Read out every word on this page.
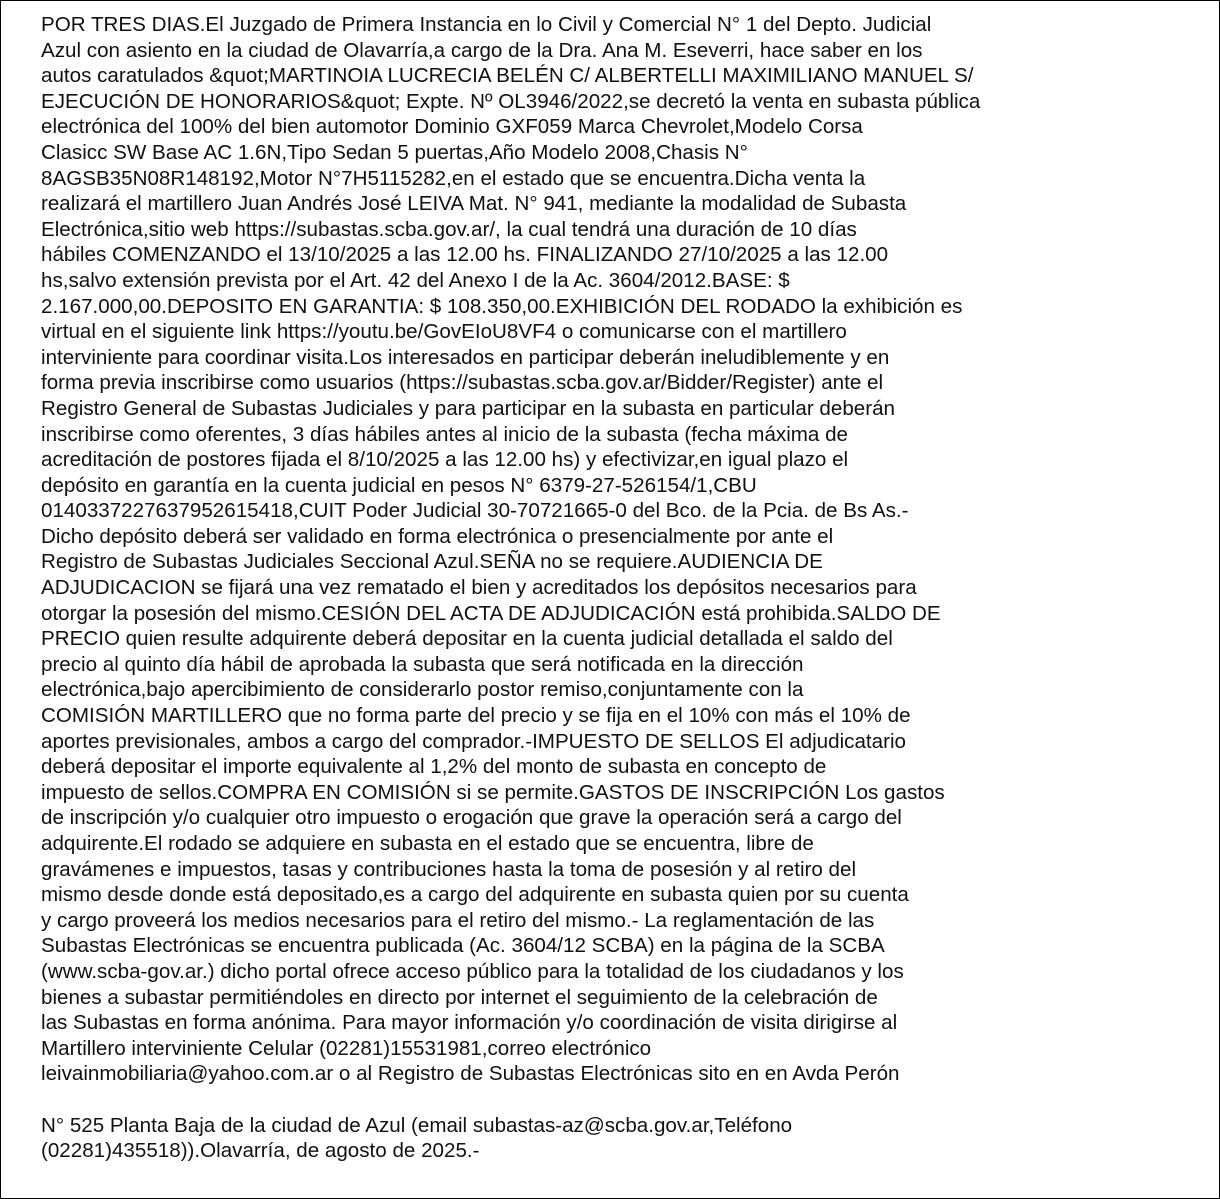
POR TRES DIAS.El Juzgado de Primera Instancia en lo Civil y Comercial N° 1 del Depto. Judicial
Azul con asiento en la ciudad de Olavarría,a cargo de la Dra. Ana M. Eseverri, hace saber en los
autos caratulados &quot;MARTINOIA LUCRECIA BELÉN C/ ALBERTELLI MAXIMILIANO MANUEL S/
EJECUCIÓN DE HONORARIOS&quot; Expte. Nº OL3946/2022,se decretó la venta en subasta pública
electrónica del 100% del bien automotor Dominio GXF059 Marca Chevrolet,Modelo Corsa
Clasicc SW Base AC 1.6N,Tipo Sedan 5 puertas,Año Modelo 2008,Chasis N°
8AGSB35N08R148192,Motor N°7H5115282,en el estado que se encuentra.Dicha venta la
realizará el martillero Juan Andrés José LEIVA Mat. N° 941, mediante la modalidad de Subasta
Electrónica,sitio web https://subastas.scba.gov.ar/, la cual tendrá una duración de 10 días
hábiles COMENZANDO el 13/10/2025 a las 12.00 hs. FINALIZANDO 27/10/2025 a las 12.00
hs,salvo extensión prevista por el Art. 42 del Anexo I de la Ac. 3604/2012.BASE: $
2.167.000,00.DEPOSITO EN GARANTIA: $ 108.350,00.EXHIBICIÓN DEL RODADO la exhibición es
virtual en el siguiente link https://youtu.be/GovEIoU8VF4 o comunicarse con el martillero
interviniente para coordinar visita.Los interesados en participar deberán ineludiblemente y en
forma previa inscribirse como usuarios (https://subastas.scba.gov.ar/Bidder/Register) ante el
Registro General de Subastas Judiciales y para participar en la subasta en particular deberán
inscribirse como oferentes, 3 días hábiles antes al inicio de la subasta (fecha máxima de
acreditación de postores fijada el 8/10/2025 a las 12.00 hs) y efectivizar,en igual plazo el
depósito en garantía en la cuenta judicial en pesos N° 6379-27-526154/1,CBU
0140337227637952615418,CUIT Poder Judicial 30-70721665-0 del Bco. de la Pcia. de Bs As.-
Dicho depósito deberá ser validado en forma electrónica o presencialmente por ante el
Registro de Subastas Judiciales Seccional Azul.SEÑA no se requiere.AUDIENCIA DE
ADJUDICACION se fijará una vez rematado el bien y acreditados los depósitos necesarios para
otorgar la posesión del mismo.CESIÓN DEL ACTA DE ADJUDICACIÓN está prohibida.SALDO DE
PRECIO quien resulte adquirente deberá depositar en la cuenta judicial detallada el saldo del
precio al quinto día hábil de aprobada la subasta que será notificada en la dirección
electrónica,bajo apercibimiento de considerarlo postor remiso,conjuntamente con la
COMISIÓN MARTILLERO que no forma parte del precio y se fija en el 10% con más el 10% de
aportes previsionales, ambos a cargo del comprador.-IMPUESTO DE SELLOS El adjudicatario
deberá depositar el importe equivalente al 1,2% del monto de subasta en concepto de
impuesto de sellos.COMPRA EN COMISIÓN si se permite.GASTOS DE INSCRIPCIÓN Los gastos
de inscripción y/o cualquier otro impuesto o erogación que grave la operación será a cargo del
adquirente.El rodado se adquiere en subasta en el estado que se encuentra, libre de
gravámenes e impuestos, tasas y contribuciones hasta la toma de posesión y al retiro del
mismo desde donde está depositado,es a cargo del adquirente en subasta quien por su cuenta
y cargo proveerá los medios necesarios para el retiro del mismo.- La reglamentación de las
Subastas Electrónicas se encuentra publicada (Ac. 3604/12 SCBA) en la página de la SCBA
(www.scba-gov.ar.) dicho portal ofrece acceso público para la totalidad de los ciudadanos y los
bienes a subastar permitiéndoles en directo por internet el seguimiento de la celebración de
las Subastas en forma anónima. Para mayor información y/o coordinación de visita dirigirse al
Martillero interviniente Celular (02281)15531981,correo electrónico
leivainmobiliaria@yahoo.com.ar o al Registro de Subastas Electrónicas sito en en Avda Perón
N° 525 Planta Baja de la ciudad de Azul (email subastas-az@scba.gov.ar,Teléfono
(02281)435518)).Olavarría, de agosto de 2025.-
